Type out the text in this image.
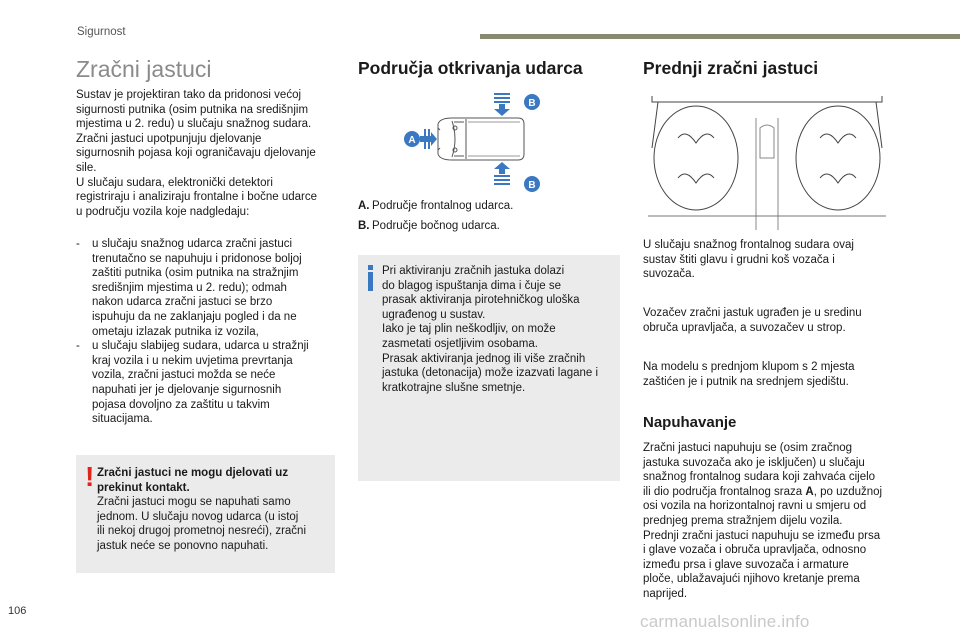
Sigurnost
Zračni jastuci

Sustav je projektiran tako da pridonosi većoj
sigurnosti putnika (osim putnika na središnjim
mjestima u 2. redu) u slučaju snažnog sudara.
Zračni jastuci upotpunjuju djelovanje
sigurnosnih pojasa koji ograničavaju djelovanje
sile.
U slučaju sudara, elektronički detektori
registriraju i analiziraju frontalne i bočne udarce
u području vozila koje nadgledaju:

- u slučaju snažnog udarca zračni jastuci
trenutačno se napuhuju i pridonose boljoj
zaštiti putnika (osim putnika na stražnjim
središnjim mjestima u 2. redu); odmah
nakon udarca zračni jastuci se brzo
ispuhuju da ne zaklanjaju pogled i da ne
ometaju izlazak putnika iz vozila,
- u slučaju slabijeg sudara, udarca u stražnji
kraj vozila i u nekim uvjetima prevrtanja
vozila, zračni jastuci možda se neće
napuhati jer je djelovanje sigurnosnih
pojasa dovoljno za zaštitu u takvim
situacijama.
! Zračni jastuci ne mogu djelovati uz
prekinut kontakt.

Zračni jastuci mogu se napuhati samo
jednom. U slučaju novog udarca (u istoj
ili nekoj drugoj prometnoj nesreći), zračni
jastuk neće se ponovno napuhati.

Područja otkrivanja udarca
A
B
B
A. Područje frontalnog udarca.
B. Područje bočnog udarca.

Pri aktiviranju zračnih jastuka dolazi
do blagog ispuštanja dima i čuje se
prasak aktiviranja pirotehničkog uloška
ugrađenog u sustav.
Iako je taj plin neškodljiv, on može
zasmetati osjetljivim osobama.
Prasak aktiviranja jednog ili više zračnih
jastuka (detonacija) može izazvati lagane i
kratkotrajne slušne smetnje.

Prednji zračni jastuci

U slučaju snažnog frontalnog sudara ovaj
sustav štiti glavu i grudni koš vozača i
suvozača.

Vozačev zračni jastuk ugrađen je u sredinu
obruča upravljača, a suvozačev u strop.

Na modelu s prednjom klupom s 2 mjesta
zaštićen je i putnik na srednjem sjedištu.

Napuhavanje

Zračni jastuci napuhuju se (osim zračnog
jastuka suvozača ako je isključen) u slučaju
snažnog frontalnog sudara koji zahvaća cijelo
ili dio područja frontalnog sraza A, po uzdužnoj
osi vozila na horizontalnoj ravni u smjeru od
prednjeg prema stražnjem dijelu vozila.
Prednji zračni jastuci napuhuju se između prsa
i glave vozača i obruča upravljača, odnosno
između prsa i glave suvozača i armature
ploče, ublažavajući njihovo kretanje prema
naprijed.

106
carmanualsonline.info
